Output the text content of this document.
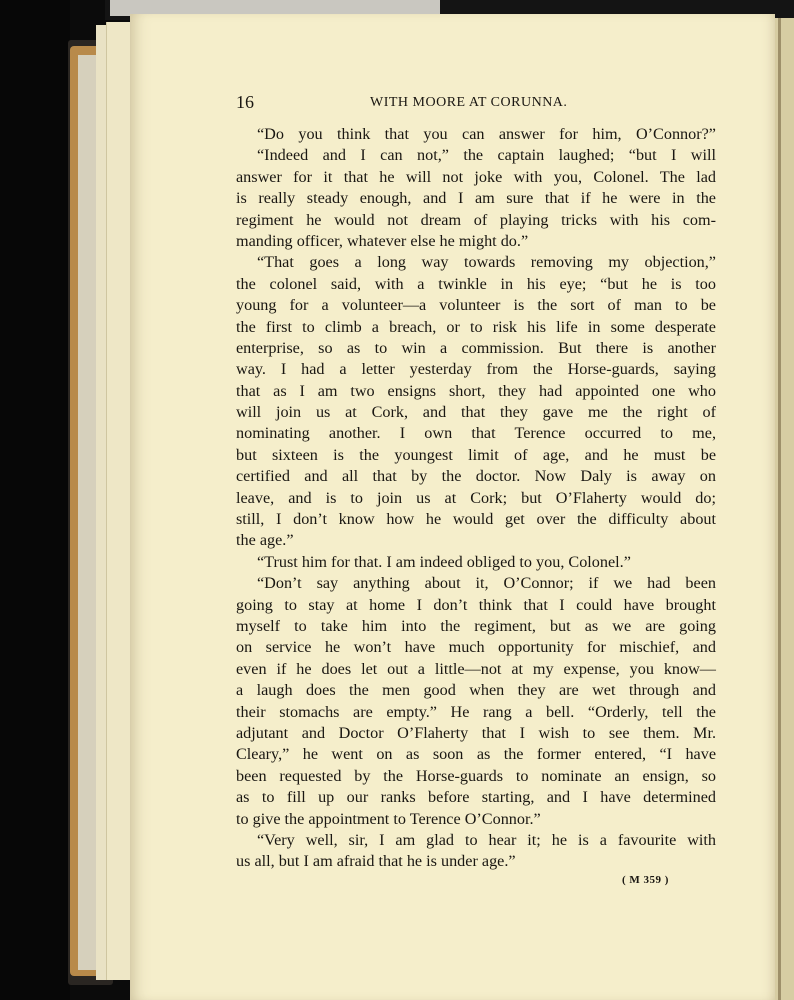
16	WITH MOORE AT CORUNNA.
“Do you think that you can answer for him, O’Connor?”
“Indeed and I can not,” the captain laughed; “but I will
answer for it that he will not joke with you, Colonel. The lad
is really steady enough, and I am sure that if he were in the
regiment he would not dream of playing tricks with his com-
manding officer, whatever else he might do.”
“That goes a long way towards removing my objection,”
the colonel said, with a twinkle in his eye; “but he is too
young for a volunteer—a volunteer is the sort of man to be
the first to climb a breach, or to risk his life in some desperate
enterprise, so as to win a commission. But there is another
way. I had a letter yesterday from the Horse-guards, saying
that as I am two ensigns short, they had appointed one who
will join us at Cork, and that they gave me the right of
nominating another. I own that Terence occurred to me,
but sixteen is the youngest limit of age, and he must be
certified and all that by the doctor. Now Daly is away on
leave, and is to join us at Cork; but O’Flaherty would do;
still, I don’t know how he would get over the difficulty about
the age.”
“Trust him for that. I am indeed obliged to you, Colonel.”
“Don’t say anything about it, O’Connor; if we had been
going to stay at home I don’t think that I could have brought
myself to take him into the regiment, but as we are going
on service he won’t have much opportunity for mischief, and
even if he does let out a little—not at my expense, you know—
a laugh does the men good when they are wet through and
their stomachs are empty.” He rang a bell. “Orderly, tell the
adjutant and Doctor O’Flaherty that I wish to see them. Mr.
Cleary,” he went on as soon as the former entered, “I have
been requested by the Horse-guards to nominate an ensign, so
as to fill up our ranks before starting, and I have determined
to give the appointment to Terence O’Connor.”
“Very well, sir, I am glad to hear it; he is a favourite with
us all, but I am afraid that he is under age.”
( M 359 )
